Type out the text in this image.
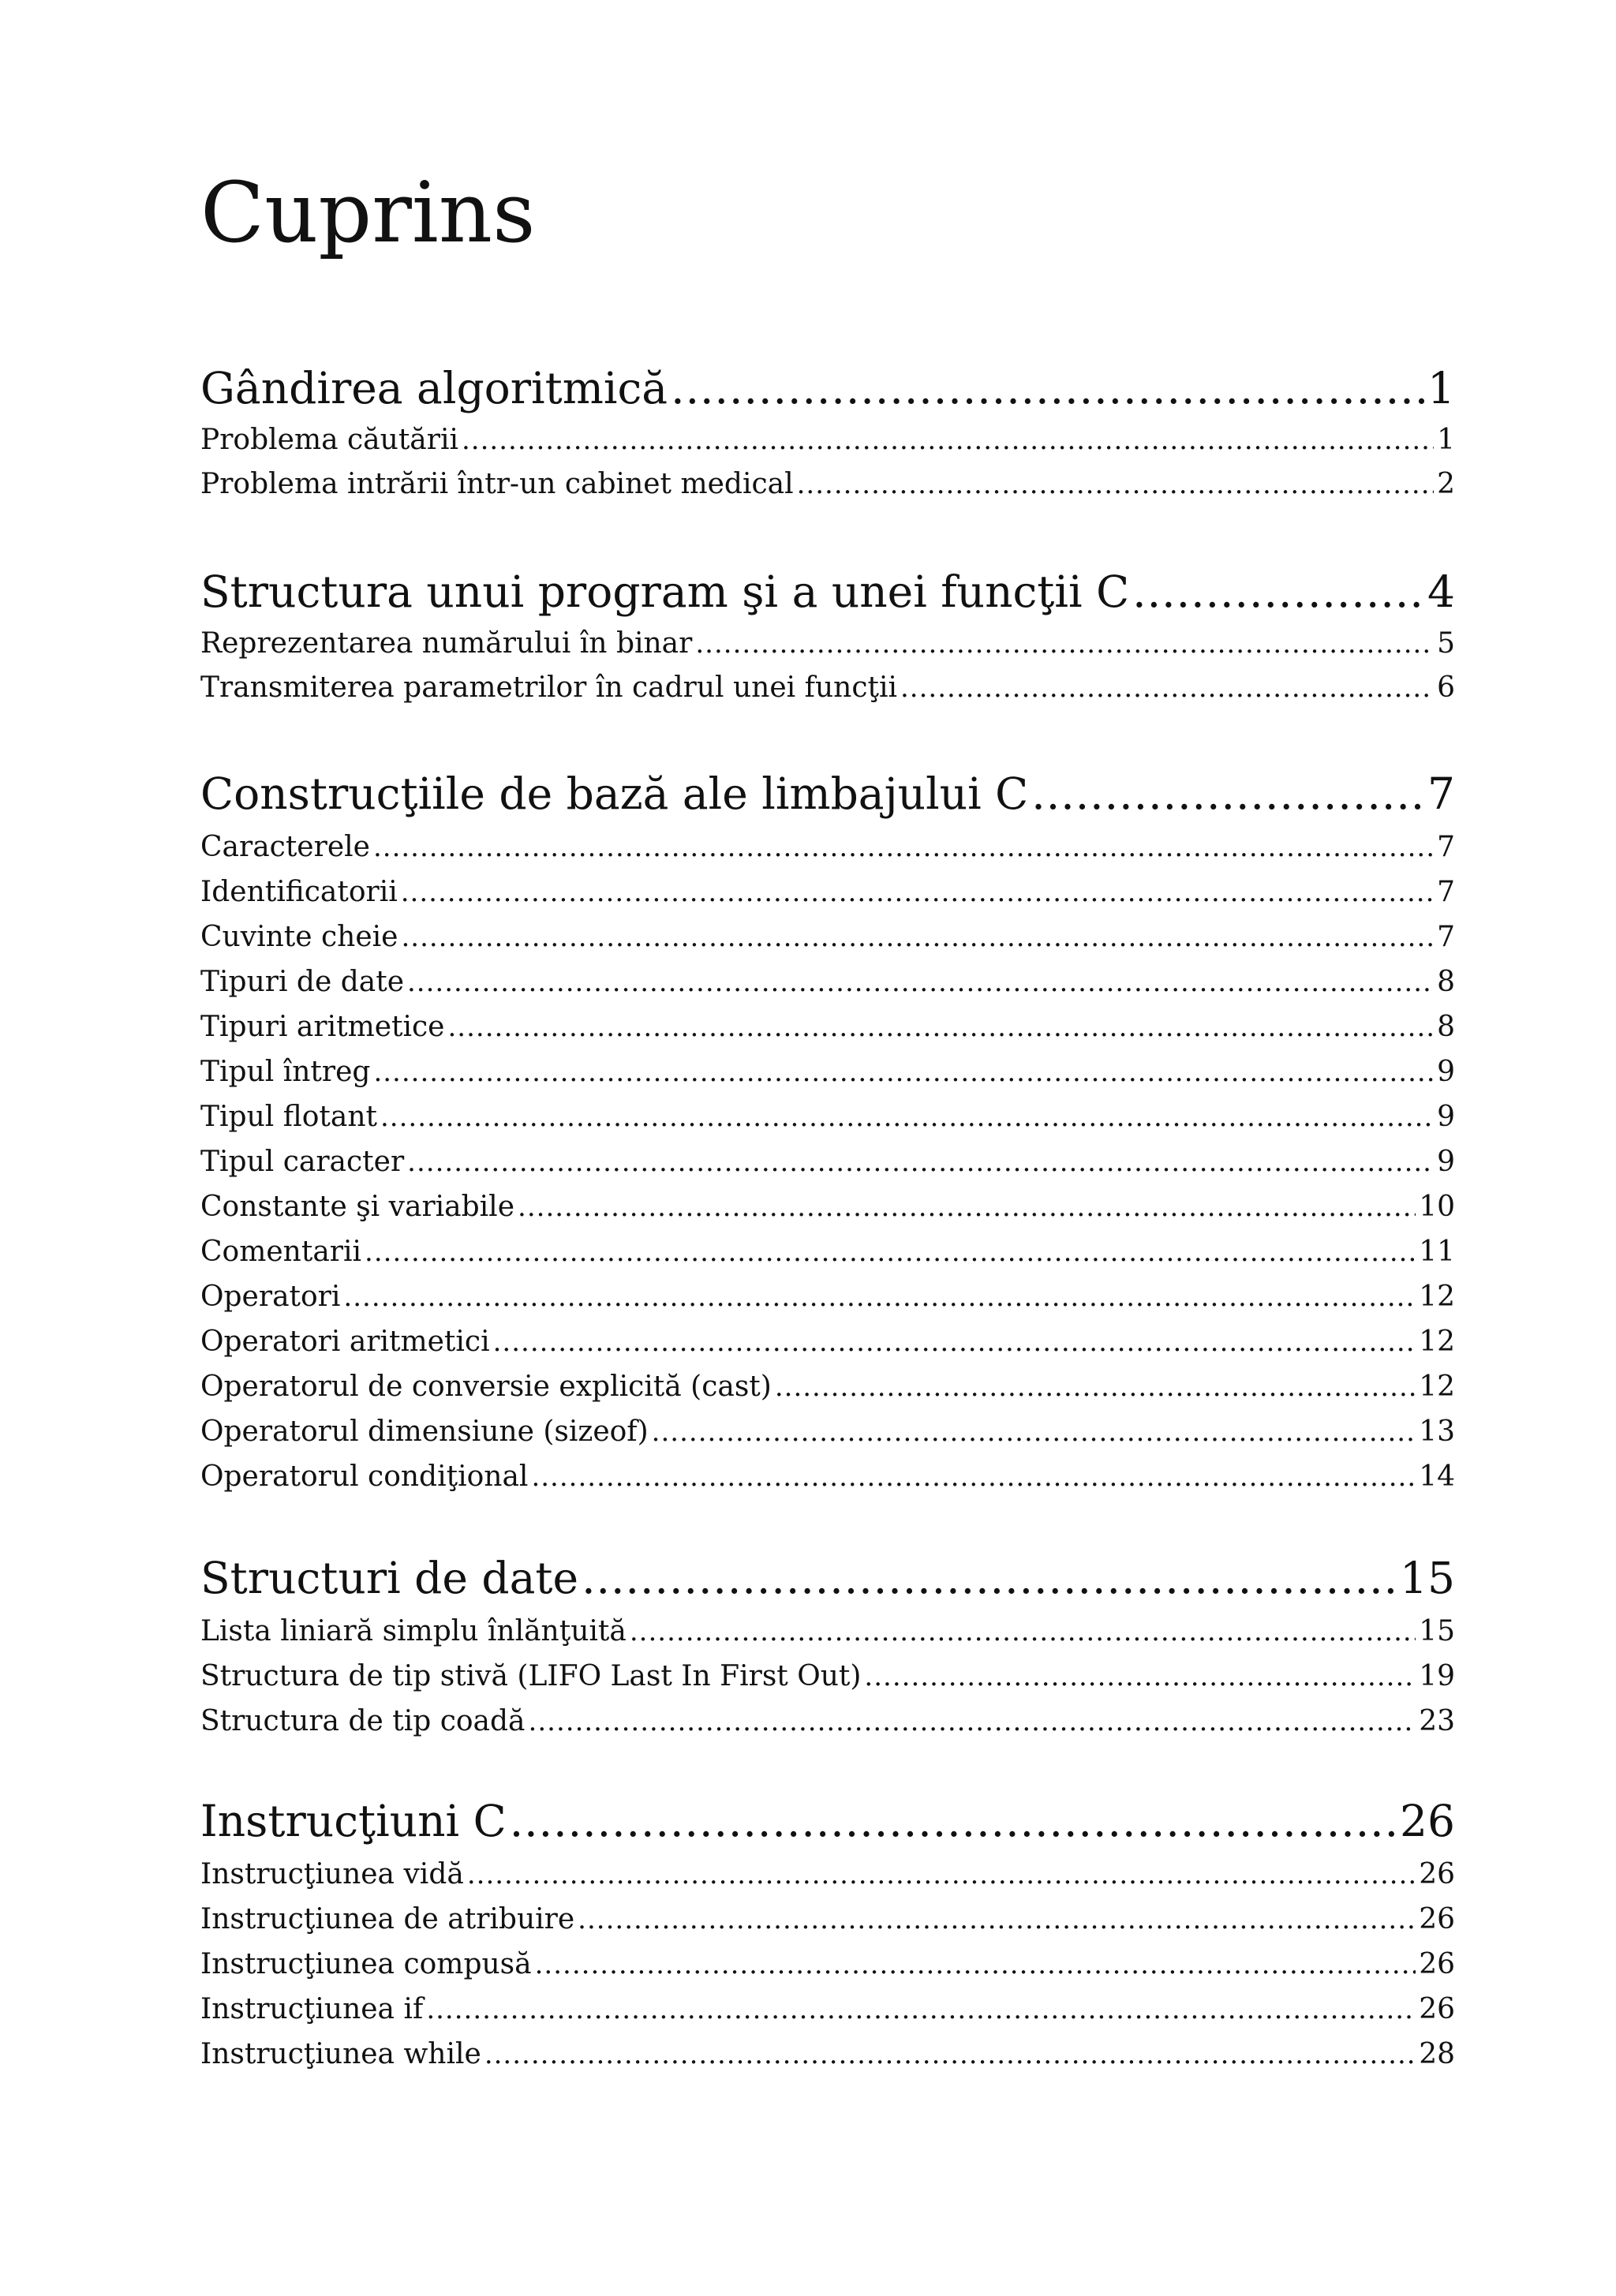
Cuprins
Gândirea algoritmică .....	1
Problema căutării .....	1
Problema intrării într-un cabinet medical .....	2
Structura unui program şi a unei funcţii C .....	4
Reprezentarea numărului în binar .....	5
Transmiterea parametrilor în cadrul unei funcţii .....	6
Construcţiile de bază ale limbajului C .....	7
Caracterele .....	7
Identificatorii .....	7
Cuvinte cheie .....	7
Tipuri de date .....	8
Tipuri aritmetice .....	8
Tipul întreg .....	9
Tipul flotant .....	9
Tipul caracter .....	9
Constante şi variabile .....	10
Comentarii .....	11
Operatori .....	12
Operatori aritmetici .....	12
Operatorul de conversie explicită (cast) .....	12
Operatorul dimensiune (sizeof) .....	13
Operatorul condiţional .....	14
Structuri de date .....	15
Lista liniară simplu înlănţuită .....	15
Structura de tip stivă (LIFO Last In First Out) .....	19
Structura de tip coadă .....	23
Instrucţiuni C .....	26
Instrucţiunea vidă .....	26
Instrucţiunea de atribuire .....	26
Instrucţiunea compusă .....	26
Instrucţiunea if .....	26
Instrucţiunea while .....	28
